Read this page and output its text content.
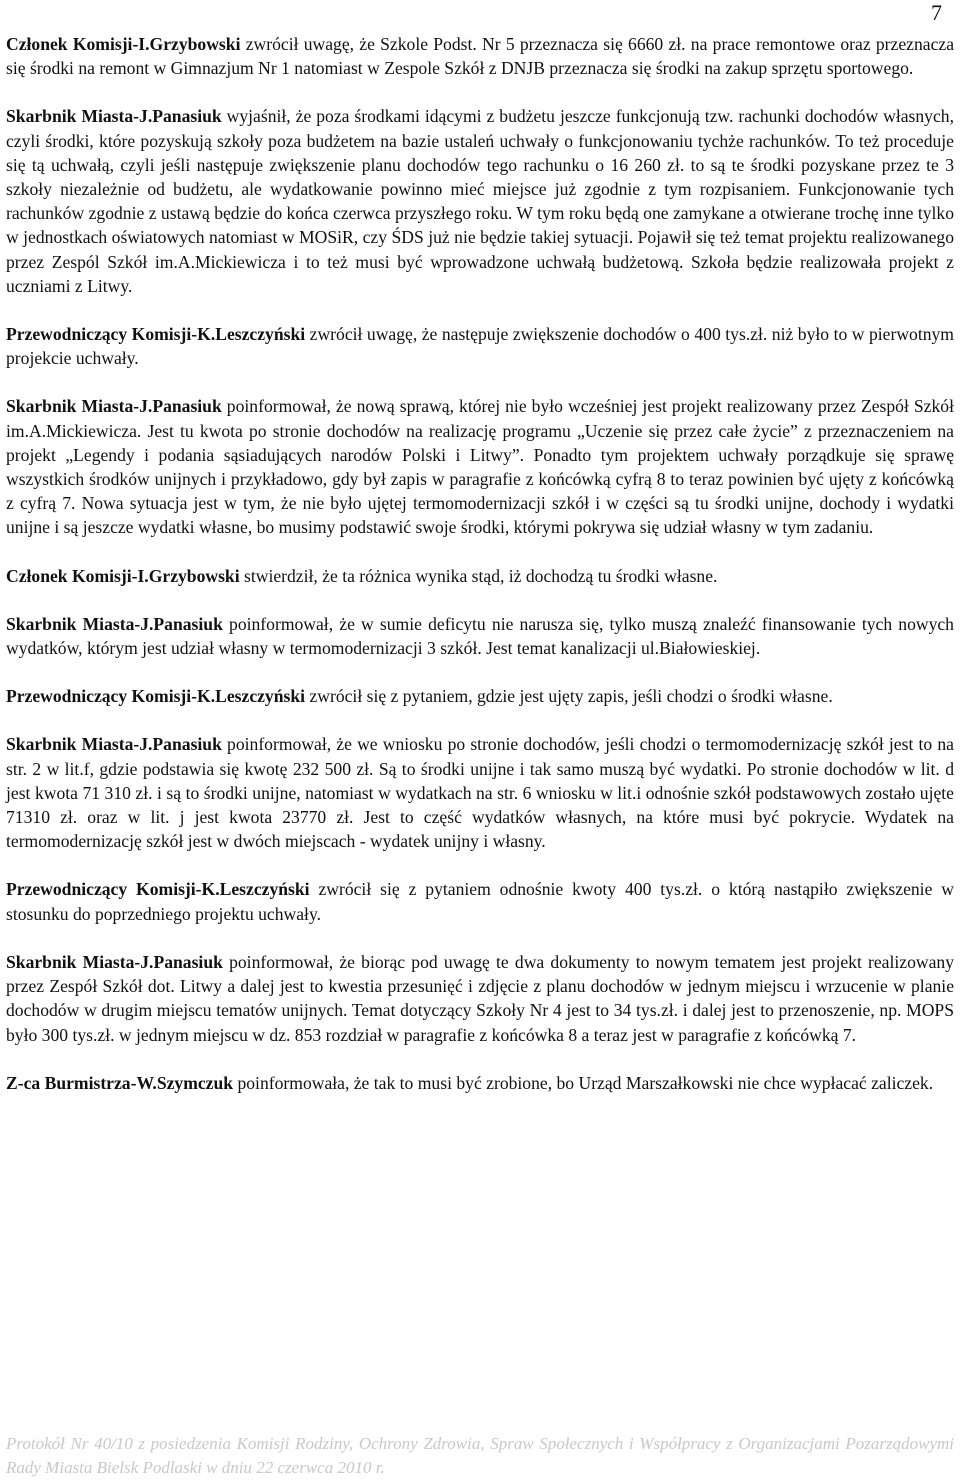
7

Członek Komisji-I.Grzybowski zwrócił uwagę, że Szkole Podst. Nr 5 przeznacza się 6660 zł. na prace remontowe oraz przeznacza się środki na remont w Gimnazjum Nr 1 natomiast w Zespole Szkół z DNJB przeznacza się środki na zakup sprzętu sportowego.

Skarbnik Miasta-J.Panasiuk wyjaśnił, że poza środkami idącymi z budżetu jeszcze funkcjonują tzw. rachunki dochodów własnych, czyli środki, które pozyskują szkoły poza budżetem na bazie ustaleń uchwały o funkcjonowaniu tychże rachunków. To też proceduje się tą uchwałą, czyli jeśli następuje zwiększenie planu dochodów tego rachunku o 16 260 zł. to są te środki pozyskane przez te 3 szkoły niezależnie od budżetu, ale wydatkowanie powinno mieć miejsce już zgodnie z tym rozpisaniem. Funkcjonowanie tych rachunków zgodnie z ustawą będzie do końca czerwca przyszłego roku. W tym roku będą one zamykane a otwierane trochę inne tylko w jednostkach oświatowych natomiast w MOSiR, czy ŚDS już nie będzie takiej sytuacji. Pojawił się też temat projektu realizowanego przez Zespól Szkół im.A.Mickiewicza i to też musi być wprowadzone uchwałą budżetową. Szkoła będzie realizowała projekt z uczniami z Litwy.

Przewodniczący Komisji-K.Leszczyński zwrócił uwagę, że następuje zwiększenie dochodów o 400 tys.zł. niż było to w pierwotnym projekcie uchwały.

Skarbnik Miasta-J.Panasiuk poinformował, że nową sprawą, której nie było wcześniej jest projekt realizowany przez Zespół Szkół im.A.Mickiewicza. Jest tu kwota po stronie dochodów na realizację programu „Uczenie się przez całe życie” z przeznaczeniem na projekt „Legendy i podania sąsiadujących narodów Polski i Litwy”. Ponadto tym projektem uchwały porządkuje się sprawę wszystkich środków unijnych i przykładowo, gdy był zapis w paragrafie z końcówką cyfrą 8 to teraz powinien być ujęty z końcówką z cyfrą 7. Nowa sytuacja jest w tym, że nie było ujętej termomodernizacji szkół i w części są tu środki unijne, dochody i wydatki unijne i są jeszcze wydatki własne, bo musimy podstawić swoje środki, którymi pokrywa się udział własny w tym zadaniu.

Członek Komisji-I.Grzybowski stwierdził, że ta różnica wynika stąd, iż dochodzą tu środki własne.

Skarbnik Miasta-J.Panasiuk poinformował, że w sumie deficytu nie narusza się, tylko muszą znaleźć finansowanie tych nowych wydatków, którym jest udział własny w termomodernizacji 3 szkół. Jest temat kanalizacji ul.Białowieskiej.

Przewodniczący Komisji-K.Leszczyński zwrócił się z pytaniem, gdzie jest ujęty zapis, jeśli chodzi o środki własne.

Skarbnik Miasta-J.Panasiuk poinformował, że we wniosku po stronie dochodów, jeśli chodzi o termomodernizację szkół jest to na str. 2 w lit.f, gdzie podstawia się kwotę 232 500 zł. Są to środki unijne i tak samo muszą być wydatki. Po stronie dochodów w lit. d jest kwota 71 310 zł. i są to środki unijne, natomiast w wydatkach na str. 6 wniosku w lit.i odnośnie szkół podstawowych zostało ujęte 71310 zł. oraz w lit. j jest kwota 23770 zł. Jest to część wydatków własnych, na które musi być pokrycie. Wydatek na termomodernizację szkół jest w dwóch miejscach - wydatek unijny i własny.

Przewodniczący Komisji-K.Leszczyński zwrócił się z pytaniem odnośnie kwoty 400 tys.zł. o którą nastąpiło zwiększenie w stosunku do poprzedniego projektu uchwały.

Skarbnik Miasta-J.Panasiuk poinformował, że biorąc pod uwagę te dwa dokumenty to nowym tematem jest projekt realizowany przez Zespół Szkół dot. Litwy a dalej jest to kwestia przesunięć i zdjęcie z planu dochodów w jednym miejscu i wrzucenie w planie dochodów w drugim miejscu tematów unijnych. Temat dotyczący Szkoły Nr 4 jest to 34 tys.zł. i dalej jest to przenoszenie, np. MOPS było 300 tys.zł. w jednym miejscu w dz. 853 rozdział w paragrafie z końcówka 8 a teraz jest w paragrafie z końcówką 7.

Z-ca Burmistrza-W.Szymczuk poinformowała, że tak to musi być zrobione, bo Urząd Marszałkowski nie chce wypłacać zaliczek.

Protokół Nr 40/10 z posiedzenia Komisji Rodziny, Ochrony Zdrowia, Spraw Społecznych i Współpracy z Organizacjami Pozarządowymi Rady Miasta Bielsk Podlaski w dniu 22 czerwca 2010 r.
